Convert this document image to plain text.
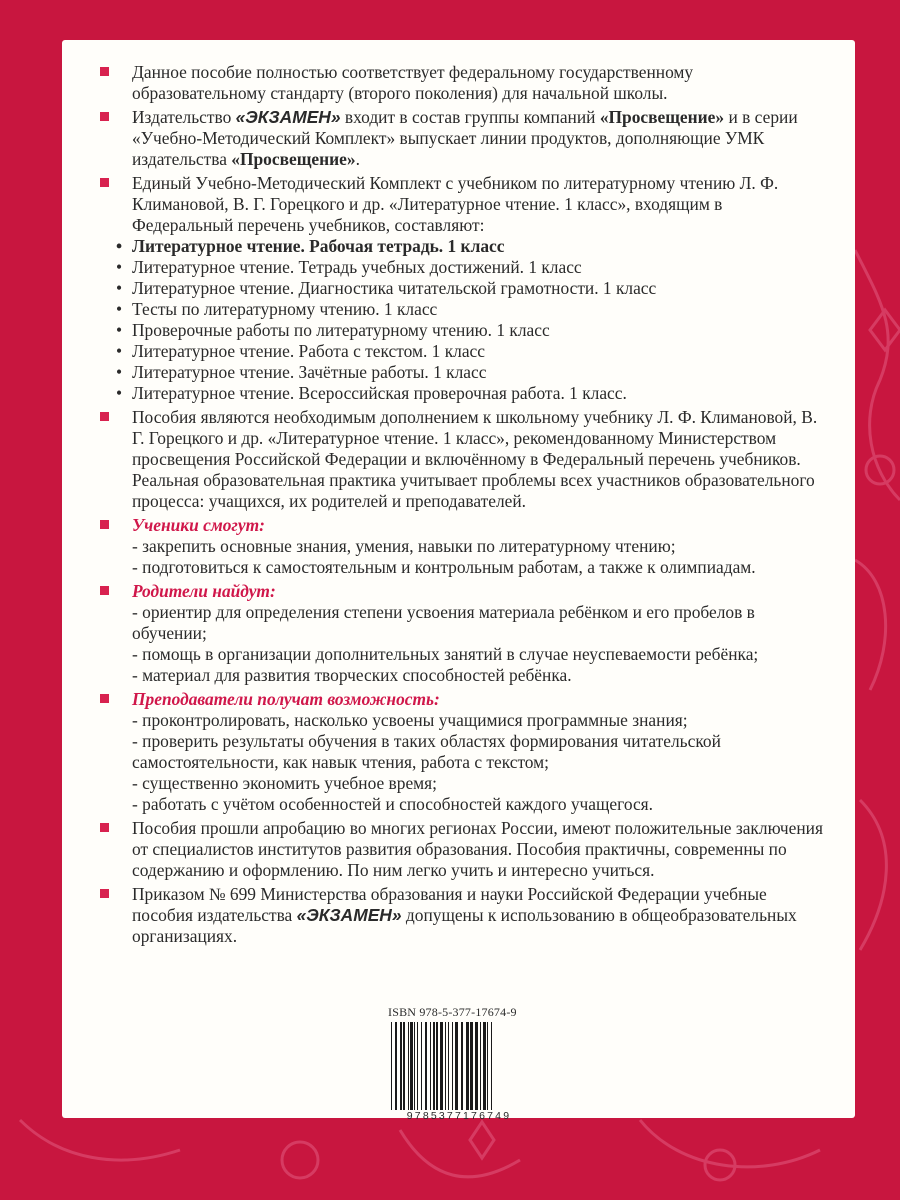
Данное пособие полностью соответствует федеральному государственному образовательному стандарту (второго поколения) для начальной школы.

Издательство «ЭКЗАМЕН» входит в состав группы компаний «Просвещение» и в серии «Учебно-Методический Комплект» выпускает линии продуктов, дополняющие УМК издательства «Просвещение».

Единый Учебно-Методический Комплект с учебником по литературному чтению Л. Ф. Климановой, В. Г. Горецкого и др. «Литературное чтение. 1 класс», входящим в Федеральный перечень учебников, составляют:

• Литературное чтение. Рабочая тетрадь. 1 класс
• Литературное чтение. Тетрадь учебных достижений. 1 класс
• Литературное чтение. Диагностика читательской грамотности. 1 класс
• Тесты по литературному чтению. 1 класс
• Проверочные работы по литературному чтению. 1 класс
• Литературное чтение. Работа с текстом. 1 класс
• Литературное чтение. Зачётные работы. 1 класс
• Литературное чтение. Всероссийская проверочная работа. 1 класс.

Пособия являются необходимым дополнением к школьному учебнику Л. Ф. Климановой, В. Г. Горецкого и др. «Литературное чтение. 1 класс», рекомендованному Министерством просвещения Российской Федерации и включённому в Федеральный перечень учебников. Реальная образовательная практика учитывает проблемы всех участников образовательного процесса: учащихся, их родителей и преподавателей.

Ученики смогут:

- закрепить основные знания, умения, навыки по литературному чтению;

- подготовиться к самостоятельным и контрольным работам, а также к олимпиадам.

Родители найдут:

- ориентир для определения степени усвоения материала ребёнком и его пробелов в обучении;

- помощь в организации дополнительных занятий в случае неуспеваемости ребёнка;

- материал для развития творческих способностей ребёнка.

Преподаватели получат возможность:

- проконтролировать, насколько усвоены учащимися программные знания;

- проверить результаты обучения в таких областях формирования читательской самостоятельности, как навык чтения, работа с текстом;

- существенно экономить учебное время;

- работать с учётом особенностей и способностей каждого учащегося.

Пособия прошли апробацию во многих регионах России, имеют положительные заключения от специалистов институтов развития образования. Пособия практичны, современны по содержанию и оформлению. По ним легко учить и интересно учиться.

Приказом № 699 Министерства образования и науки Российской Федерации учебные пособия издательства «ЭКЗАМЕН» допущены к использованию в общеобразовательных организациях.

ISBN 978-5-377-17674-9
9785377176749
